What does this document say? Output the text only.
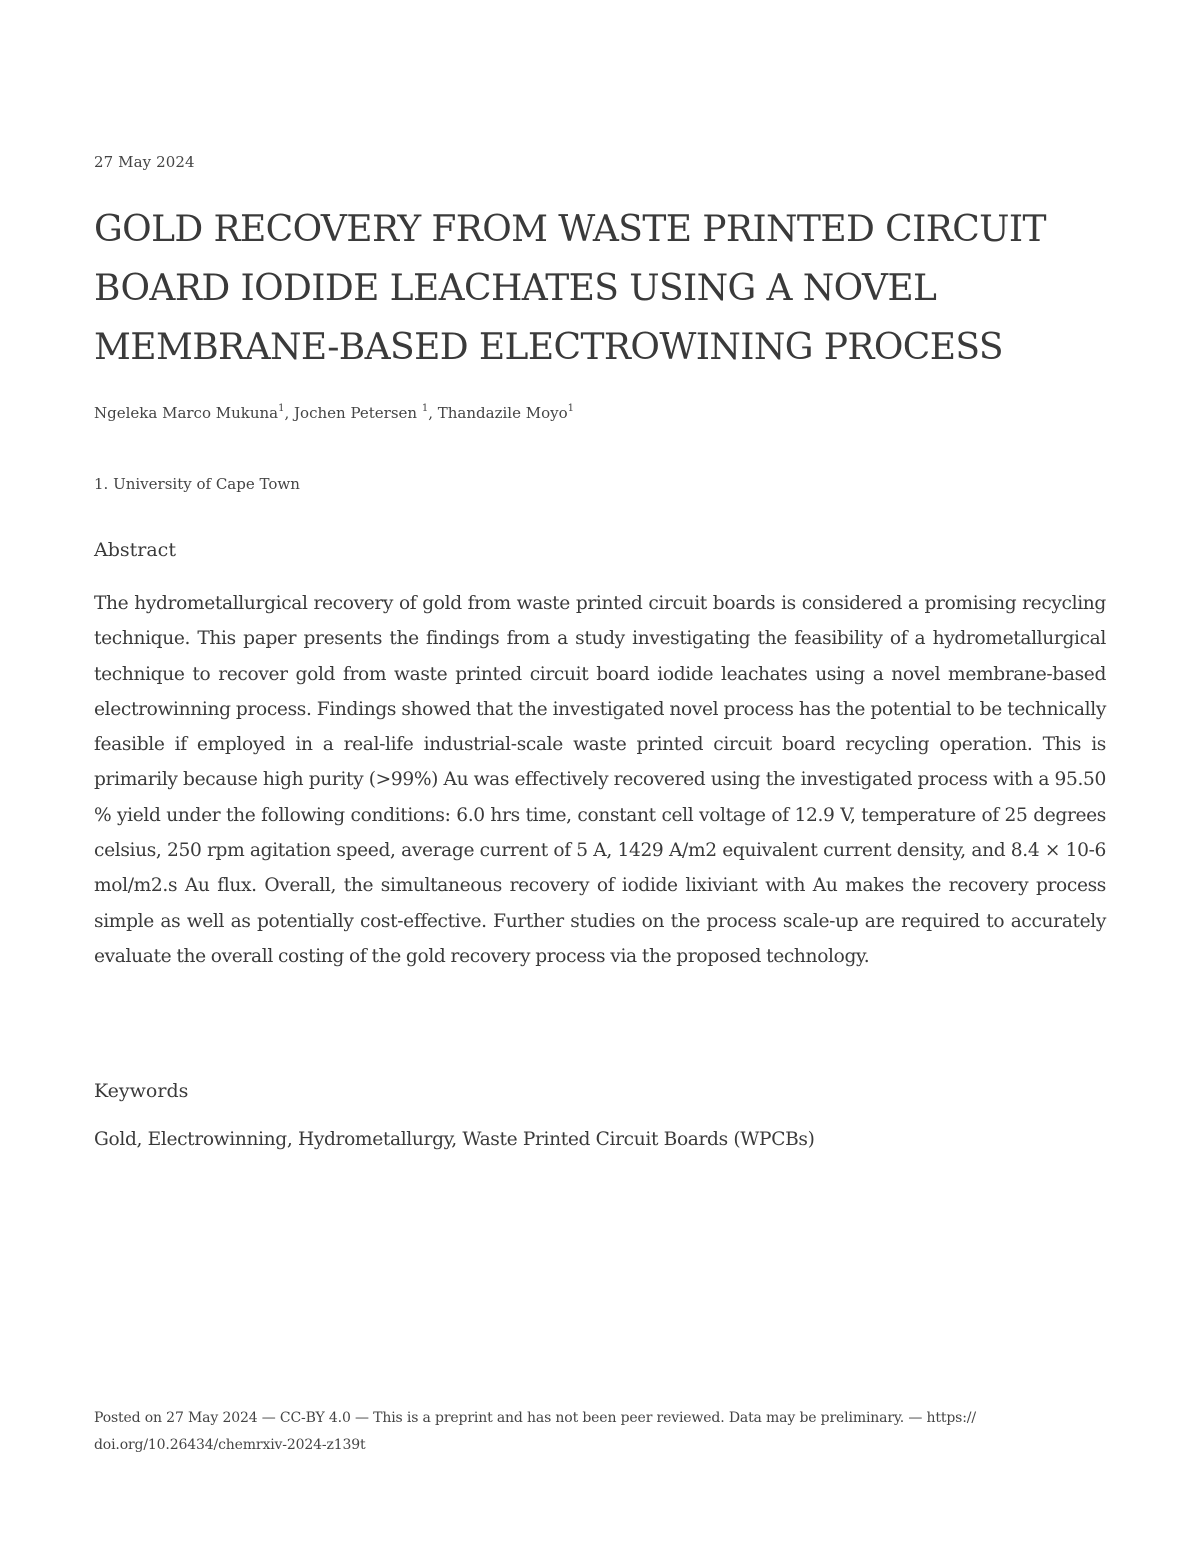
27 May 2024
GOLD RECOVERY FROM WASTE PRINTED CIRCUIT BOARD IODIDE LEACHATES USING A NOVEL MEMBRANE-BASED ELECTROWINING PROCESS
Ngeleka Marco Mukuna$^1$, Jochen Petersen $^1$, Thandazile Moyo$^1$
1. University of Cape Town
Abstract

The hydrometallurgical recovery of gold from waste printed circuit boards is considered a promising recycling technique. This paper presents the findings from a study investigating the feasibility of a hydrometallurgical technique to recover gold from waste printed circuit board iodide leachates using a novel membrane-based electrowinning process. Findings showed that the investigated novel process has the potential to be technically feasible if employed in a real-life industrial-scale waste printed circuit board recycling operation. This is primarily because high purity (>99%) Au was effectively recovered using the investigated process with a 95.50 % yield under the following conditions: 6.0 hrs time, constant cell voltage of 12.9 V, temperature of 25 degrees celsius, 250 rpm agitation speed, average current of 5 A, 1429 A/m2 equivalent current density, and 8.4 × 10-6 mol/m2.s Au flux. Overall, the simultaneous recovery of iodide lixiviant with Au makes the recovery process simple as well as potentially cost-effective. Further studies on the process scale-up are required to accurately evaluate the overall costing of the gold recovery process via the proposed technology.

Keywords
Gold, Electrowinning, Hydrometallurgy, Waste Printed Circuit Boards (WPCBs)
Posted on 27 May 2024 — CC-BY 4.0 — This is a preprint and has not been peer reviewed. Data may be preliminary. — https://
doi.org/10.26434/chemrxiv-2024-z139t
